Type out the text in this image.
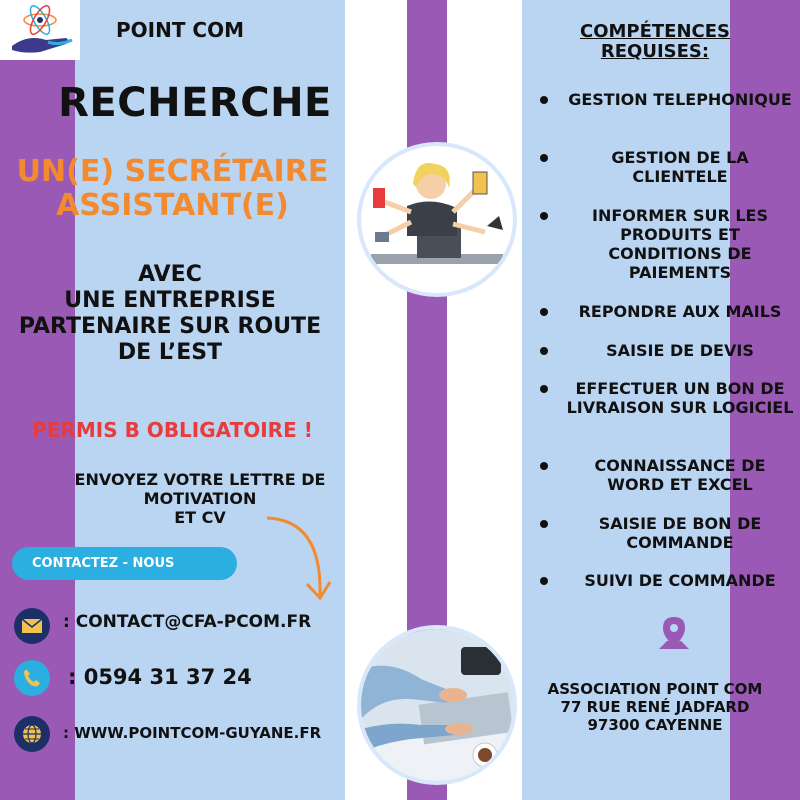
POINT COM
RECHERCHE
UN(E) SECRÉTAIRE ASSISTANT(E)
AVEC
UNE ENTREPRISE
PARTENAIRE SUR ROUTE
DE L’EST
PERMIS B OBLIGATOIRE !
ENVOYEZ VOTRE LETTRE DE
MOTIVATION
ET CV
CONTACTEZ - NOUS
: CONTACT@CFA-PCOM.FR
: 0594 31 37 24
: WWW.POINTCOM-GUYANE.FR
COMPÉTENCES
REQUISES:
GESTION TELEPHONIQUE
GESTION DE LA CLIENTELE
INFORMER SUR LES PRODUITS ET CONDITIONS DE PAIEMENTS
REPONDRE AUX MAILS
SAISIE DE DEVIS
EFFECTUER UN BON DE LIVRAISON SUR LOGICIEL
CONNAISSANCE DE WORD ET EXCEL
SAISIE DE BON DE COMMANDE
SUIVI DE COMMANDE
ASSOCIATION POINT COM
77 RUE RENÉ JADFARD
97300 CAYENNE
